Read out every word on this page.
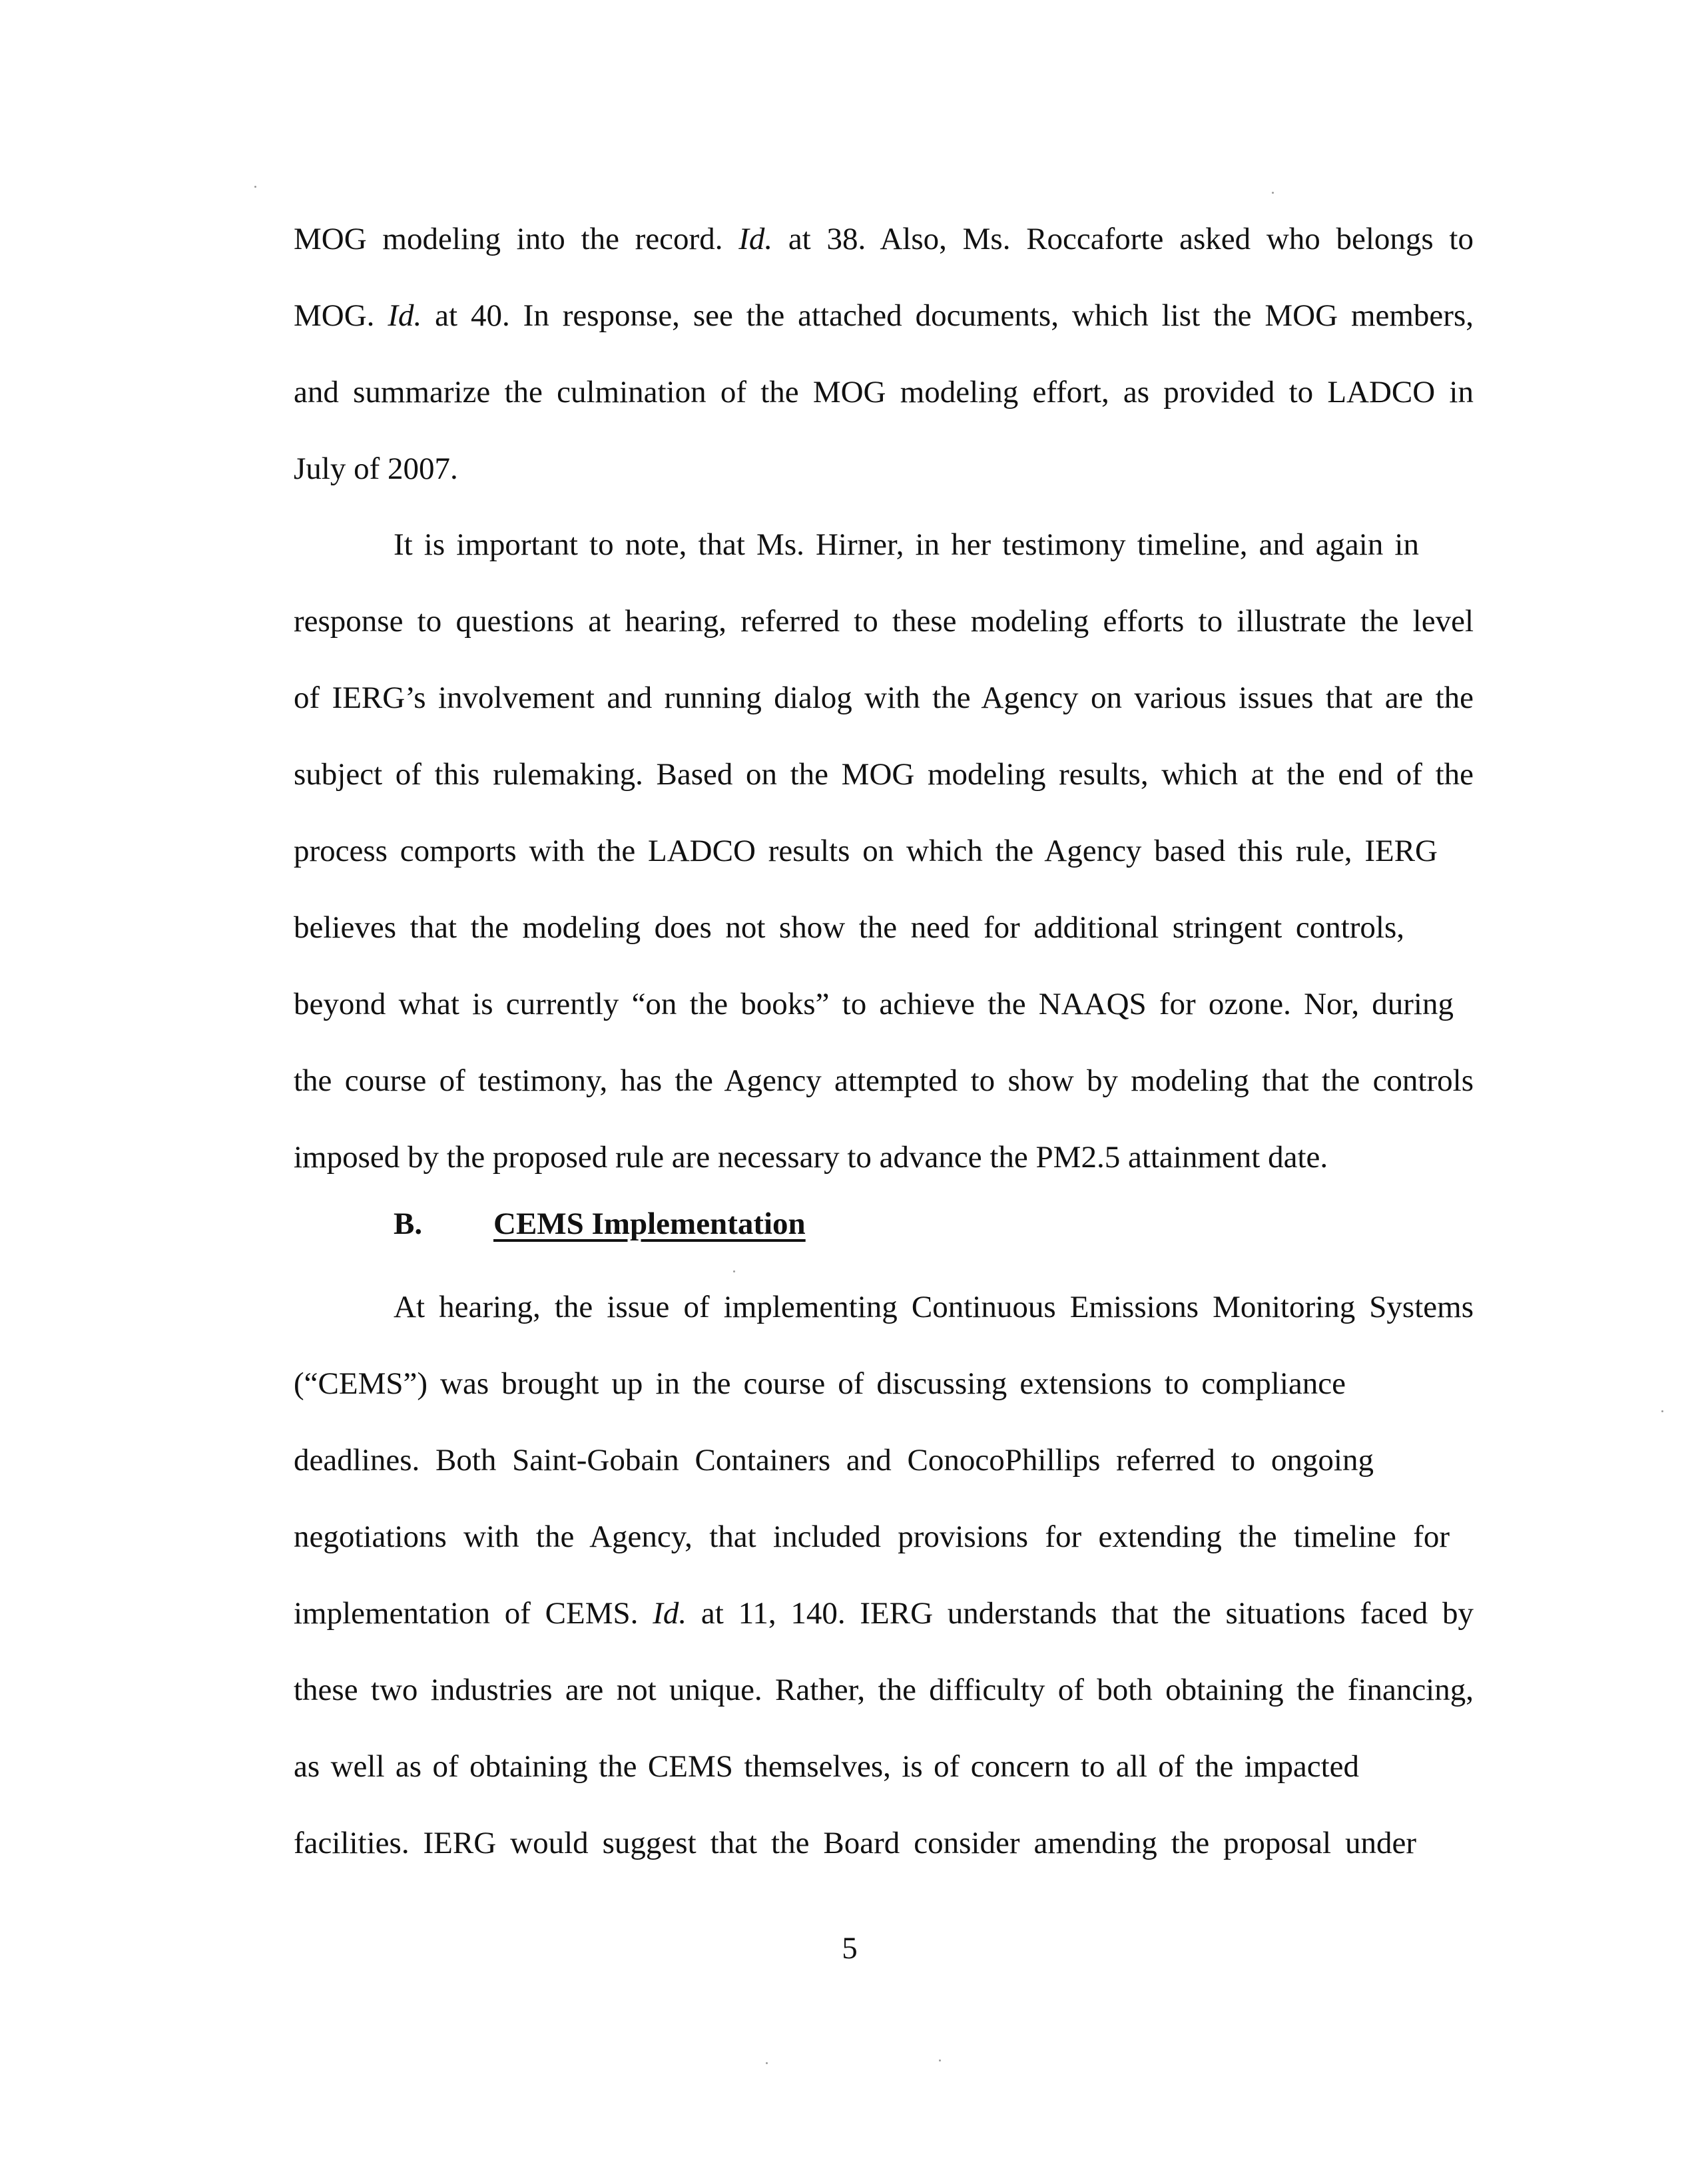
MOG modeling into the record. Id. at 38. Also, Ms. Roccaforte asked who belongs to
MOG. Id. at 40. In response, see the attached documents, which list the MOG members,
and summarize the culmination of the MOG modeling effort, as provided to LADCO in
July of 2007.
It is important to note, that Ms. Hirner, in her testimony timeline, and again in
response to questions at hearing, referred to these modeling efforts to illustrate the level
of IERG’s involvement and running dialog with the Agency on various issues that are the
subject of this rulemaking. Based on the MOG modeling results, which at the end of the
process comports with the LADCO results on which the Agency based this rule, IERG
believes that the modeling does not show the need for additional stringent controls,
beyond what is currently “on the books” to achieve the NAAQS for ozone. Nor, during
the course of testimony, has the Agency attempted to show by modeling that the controls
imposed by the proposed rule are necessary to advance the PM2.5 attainment date.
B. CEMS Implementation
At hearing, the issue of implementing Continuous Emissions Monitoring Systems
(“CEMS”) was brought up in the course of discussing extensions to compliance
deadlines. Both Saint-Gobain Containers and ConocoPhillips referred to ongoing
negotiations with the Agency, that included provisions for extending the timeline for
implementation of CEMS. Id. at 11, 140. IERG understands that the situations faced by
these two industries are not unique. Rather, the difficulty of both obtaining the financing,
as well as of obtaining the CEMS themselves, is of concern to all of the impacted
facilities. IERG would suggest that the Board consider amending the proposal under
5
